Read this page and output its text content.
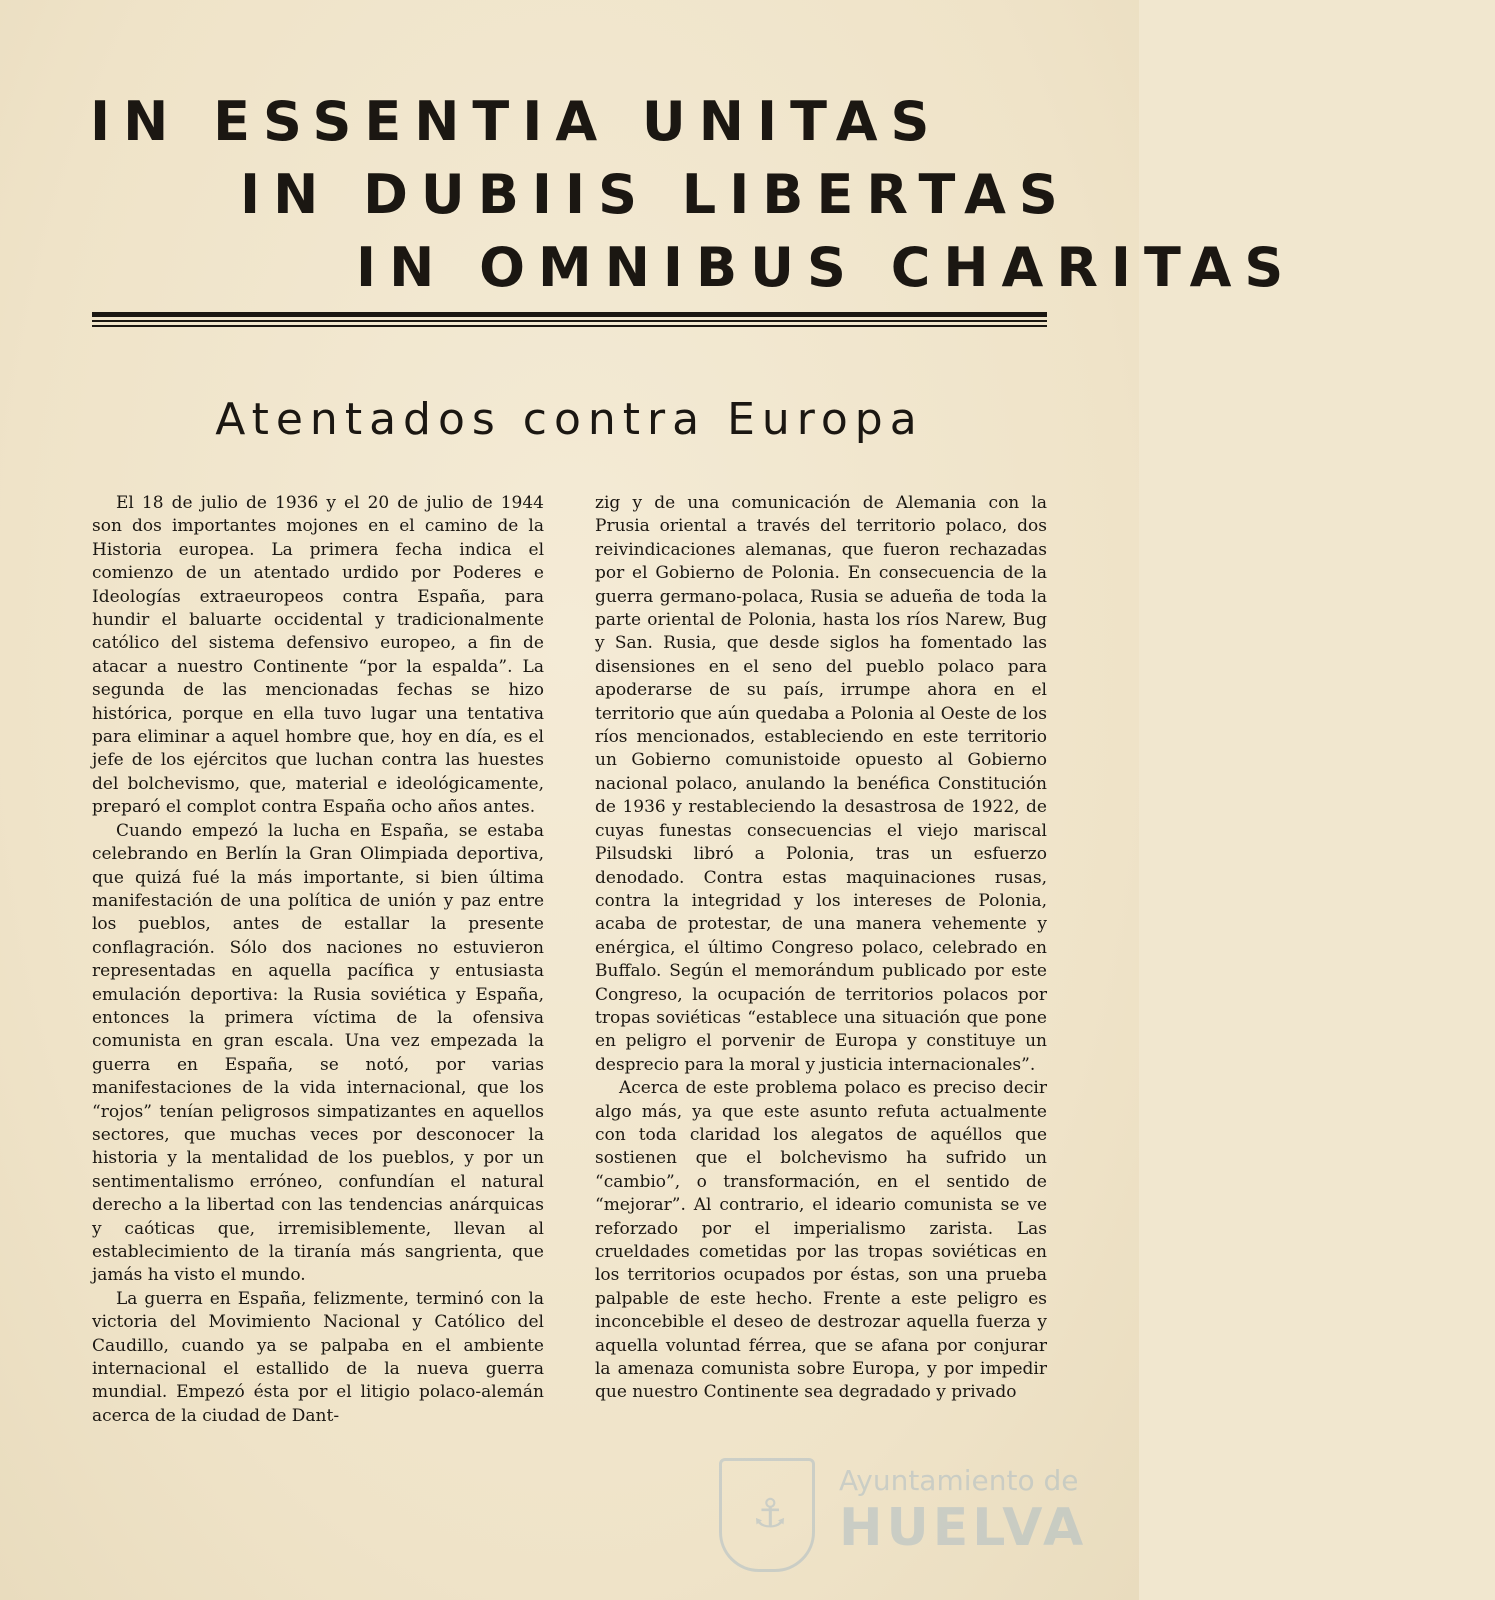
IN ESSENTIA UNITAS
IN DUBIIS LIBERTAS
IN OMNIBUS CHARITAS
Atentados contra Europa

El 18 de julio de 1936 y el 20 de julio de 1944 son dos importantes mojones en el camino de la Historia europea. La primera fecha indica el comienzo de un atentado urdido por Poderes e Ideologías extraeuropeos contra España, para hundir el baluarte occidental y tradicionalmente católico del sistema defensivo europeo, a fin de atacar a nuestro Continente “por la espalda”. La segunda de las mencionadas fechas se hizo histórica, porque en ella tuvo lugar una tentativa para eliminar a aquel hombre que, hoy en día, es el jefe de los ejércitos que luchan contra las huestes del bolchevismo, que, material e ideológicamente, preparó el complot contra España ocho años antes.

Cuando empezó la lucha en España, se estaba celebrando en Berlín la Gran Olimpiada deportiva, que quizá fué la más importante, si bien última manifestación de una política de unión y paz entre los pueblos, antes de estallar la presente conflagración. Sólo dos naciones no estuvieron representadas en aquella pacífica y entusiasta emulación deportiva: la Rusia soviética y España, entonces la primera víctima de la ofensiva comunista en gran escala. Una vez empezada la guerra en España, se notó, por varias manifestaciones de la vida internacional, que los “rojos” tenían peligrosos simpatizantes en aquellos sectores, que muchas veces por desconocer la historia y la mentalidad de los pueblos, y por un sentimentalismo erróneo, confundían el natural derecho a la libertad con las tendencias anárquicas y caóticas que, irremisiblemente, llevan al establecimiento de la tiranía más sangrienta, que jamás ha visto el mundo.

La guerra en España, felizmente, terminó con la victoria del Movimiento Nacional y Católico del Caudillo, cuando ya se palpaba en el ambiente internacional el estallido de la nueva guerra mundial. Empezó ésta por el litigio polaco-alemán acerca de la ciudad de Dant-

zig y de una comunicación de Alemania con la Prusia oriental a través del territorio polaco, dos reivindicaciones alemanas, que fueron rechazadas por el Gobierno de Polonia. En consecuencia de la guerra germano-polaca, Rusia se adueña de toda la parte oriental de Polonia, hasta los ríos Narew, Bug y San. Rusia, que desde siglos ha fomentado las disensiones en el seno del pueblo polaco para apoderarse de su país, irrumpe ahora en el territorio que aún quedaba a Polonia al Oeste de los ríos mencionados, estableciendo en este territorio un Gobierno comunistoide opuesto al Gobierno nacional polaco, anulando la benéfica Constitución de 1936 y restableciendo la desastrosa de 1922, de cuyas funestas consecuencias el viejo mariscal Pilsudski libró a Polonia, tras un esfuerzo denodado. Contra estas maquinaciones rusas, contra la integridad y los intereses de Polonia, acaba de protestar, de una manera vehemente y enérgica, el último Congreso polaco, celebrado en Buffalo. Según el memorándum publicado por este Congreso, la ocupación de territorios polacos por tropas soviéticas “establece una situación que pone en peligro el porvenir de Europa y constituye un desprecio para la moral y justicia internacionales”.

Acerca de este problema polaco es preciso decir algo más, ya que este asunto refuta actualmente con toda claridad los alegatos de aquéllos que sostienen que el bolchevismo ha sufrido un “cambio”, o transformación, en el sentido de “mejorar”. Al contrario, el ideario comunista se ve reforzado por el imperialismo zarista. Las crueldades cometidas por las tropas soviéticas en los territorios ocupados por éstas, son una prueba palpable de este hecho. Frente a este peligro es inconcebible el deseo de destrozar aquella fuerza y aquella voluntad férrea, que se afana por conjurar la amenaza comunista sobre Europa, y por impedir que nuestro Continente sea degradado y privado

⚓
Ayuntamiento de
HUELVA
